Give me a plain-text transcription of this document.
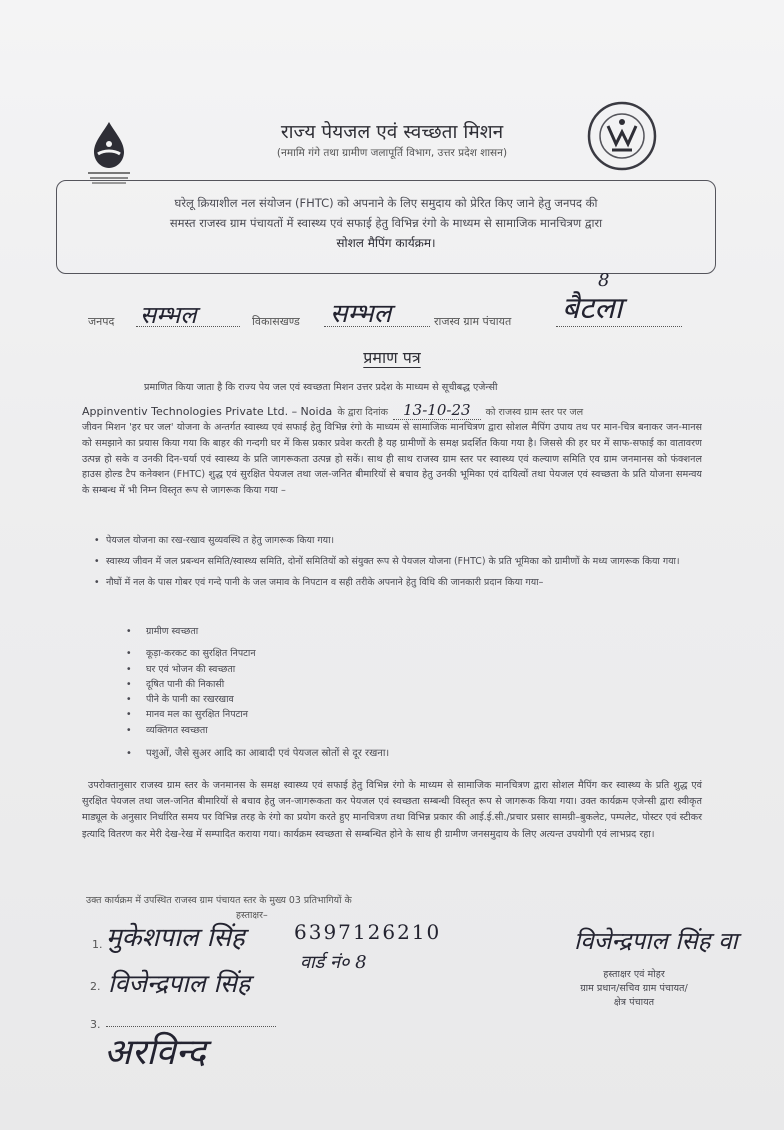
राज्य पेयजल एवं स्वच्छता मिशन
(नमामि गंगे तथा ग्रामीण जलापूर्ति विभाग, उत्तर प्रदेश शासन)
घरेलू क्रियाशील नल संयोजन (FHTC) को अपनाने के लिए समुदाय को प्रेरित किए जाने हेतु जनपद की
समस्त राजस्व ग्राम पंचायतों में स्वास्थ्य एवं सफाई हेतु विभिन्न रंगो के माध्यम से सामाजिक मानचित्रण द्वारा
सोशल मैपिंग कार्यक्रम।
जनपद सम्भल	विकासखण्ड सम्भल	राजस्व ग्राम पंचायत बैटला
8
प्रमाण पत्र
प्रमाणित किया जाता है कि राज्य पेय जल एवं स्वच्छता मिशन उत्तर प्रदेश के माध्यम से सूचीबद्ध एजेन्सी
Appinventiv Technologies Private Ltd. – Noida के द्वारा दिनांक 13-10-23 को राजस्व ग्राम स्तर पर जल
जीवन मिशन 'हर घर जल' योजना के अन्तर्गत स्वास्थ्य एवं सफाई हेतु विभिन्न रंगो के माध्यम से सामाजिक मानचित्रण द्वारा सोशल मैपिंग उपाय तथ पर मान-चित्र बनाकर जन-मानस को समझाने का प्रयास किया गया कि बाहर की गन्दगी घर में किस प्रकार प्रवेश करती है यह ग्रामीणों के समक्ष प्रदर्शित किया गया है। जिससे की हर घर में साफ-सफाई का वातावरण उत्पन्न हो सके व उनकी दिन-चर्या एवं स्वास्थ्य के प्रति जागरूकता उत्पन्न हो सकें। साथ ही साथ राजस्व ग्राम स्तर पर स्वास्थ्य एवं कल्याण समिति एव ग्राम जनमानस को फंक्शनल हाउस होल्ड टैप कनेक्शन (FHTC) शुद्ध एवं सुरक्षित पेयजल तथा जल-जनित बीमारियों से बचाव हेतु उनकी भूमिका एवं दायित्वों तथा पेयजल एवं स्वच्छता के प्रति योजना समन्वय के सम्बन्ध में भी निम्न विस्तृत रूप से जागरूक किया गया –
• पेयजल योजना का रख-रखाव सुव्यवस्थि त हेतु जागरूक किया गया।
• स्वास्थ्य जीवन में जल प्रबन्धन समिति/स्वास्थ्य समिति, दोनों समितियों को संयुक्त रूप से पेयजल योजना (FHTC) के प्रति भूमिका को ग्रामीणों के मध्य जागरूक किया गया।
• नौघों में नल के पास गोबर एवं गन्दे पानी के जल जमाव के निपटान व सही तरीके अपनाने हेतु विधि की जानकारी प्रदान किया गया–
• ग्रामीण स्वच्छता
• कूड़ा-करकट का सुरक्षित निपटान
• घर एवं भोजन की स्वच्छता
• दूषित पानी की निकासी
• पीने के पानी का रखरखाव
• मानव मल का सुरक्षित निपटान
• व्यक्तिगत स्वच्छता
• पशुओं, जैसे सुअर आदि का आबादी एवं पेयजल स्रोतों से दूर रखना।
उपरोक्तानुसार राजस्व ग्राम स्तर के जनमानस के समक्ष स्वास्थ्य एवं सफाई हेतु विभिन्न रंगो के माध्यम से सामाजिक मानचित्रण द्वारा सोशल मैपिंग कर स्वास्थ्य के प्रति शुद्ध एवं सुरक्षित पेयजल तथा जल-जनित बीमारियों से बचाव हेतु जन-जागरूकता कर पेयजल एवं स्वच्छता सम्बन्धी विस्तृत रूप से जागरूक किया गया। उक्त कार्यक्रम एजेन्सी द्वारा स्वीकृत माड्यूल के अनुसार निर्धारित समय पर विभिन्न तरह के रंगो का प्रयोग करते हुए मानचित्रण तथा विभिन्न प्रकार की आई.ई.सी./प्रचार प्रसार सामग्री–बुकलेट, पम्पलेट, पोस्टर एवं स्टीकर इत्यादि वितरण कर मेरी देख-रेख में सम्पादित कराया गया। कार्यक्रम स्वच्छता से सम्बन्धित होने के साथ ही ग्रामीण जनसमुदाय के लिए अत्यन्त उपयोगी एवं लाभप्रद रहा।
उक्त कार्यक्रम में उपस्थित राजस्व ग्राम पंचायत स्तर के मुख्य 03 प्रतिभागियों के
हस्ताक्षर–
1. मुकेशपाल सिंह 6397126210
वार्ड नं० 8
2. विजेन्द्रपाल सिंह
3.
अरविन्द
विजेन्द्रपाल सिंह वा
हस्ताक्षर एवं मोहर
ग्राम प्रधान/सचिव ग्राम पंचायत/
क्षेत्र पंचायत
